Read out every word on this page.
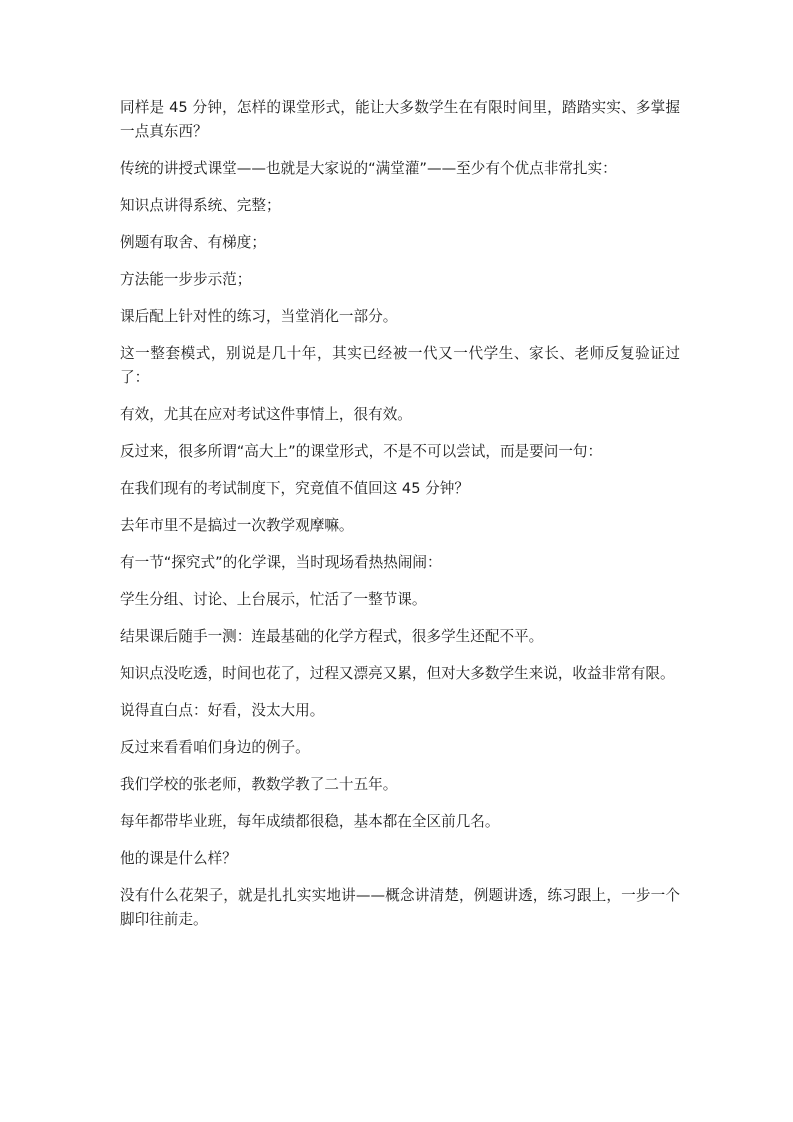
同样是 45 分钟，怎样的课堂形式，能让大多数学生在有限时间里，踏踏实实、多掌握一点真东西？

传统的讲授式课堂——也就是大家说的“满堂灌”——至少有个优点非常扎实：

知识点讲得系统、完整；

例题有取舍、有梯度；

方法能一步步示范；

课后配上针对性的练习，当堂消化一部分。

这一整套模式，别说是几十年，其实已经被一代又一代学生、家长、老师反复验证过了：

有效，尤其在应对考试这件事情上，很有效。

反过来，很多所谓“高大上”的课堂形式，不是不可以尝试，而是要问一句：

在我们现有的考试制度下，究竟值不值回这 45 分钟？

去年市里不是搞过一次教学观摩嘛。

有一节“探究式”的化学课，当时现场看热热闹闹：

学生分组、讨论、上台展示，忙活了一整节课。

结果课后随手一测：连最基础的化学方程式，很多学生还配不平。

知识点没吃透，时间也花了，过程又漂亮又累，但对大多数学生来说，收益非常有限。

说得直白点：好看，没太大用。

反过来看看咱们身边的例子。

我们学校的张老师，教数学教了二十五年。

每年都带毕业班，每年成绩都很稳，基本都在全区前几名。

他的课是什么样？

没有什么花架子，就是扎扎实实地讲——概念讲清楚，例题讲透，练习跟上，一步一个脚印往前走。
